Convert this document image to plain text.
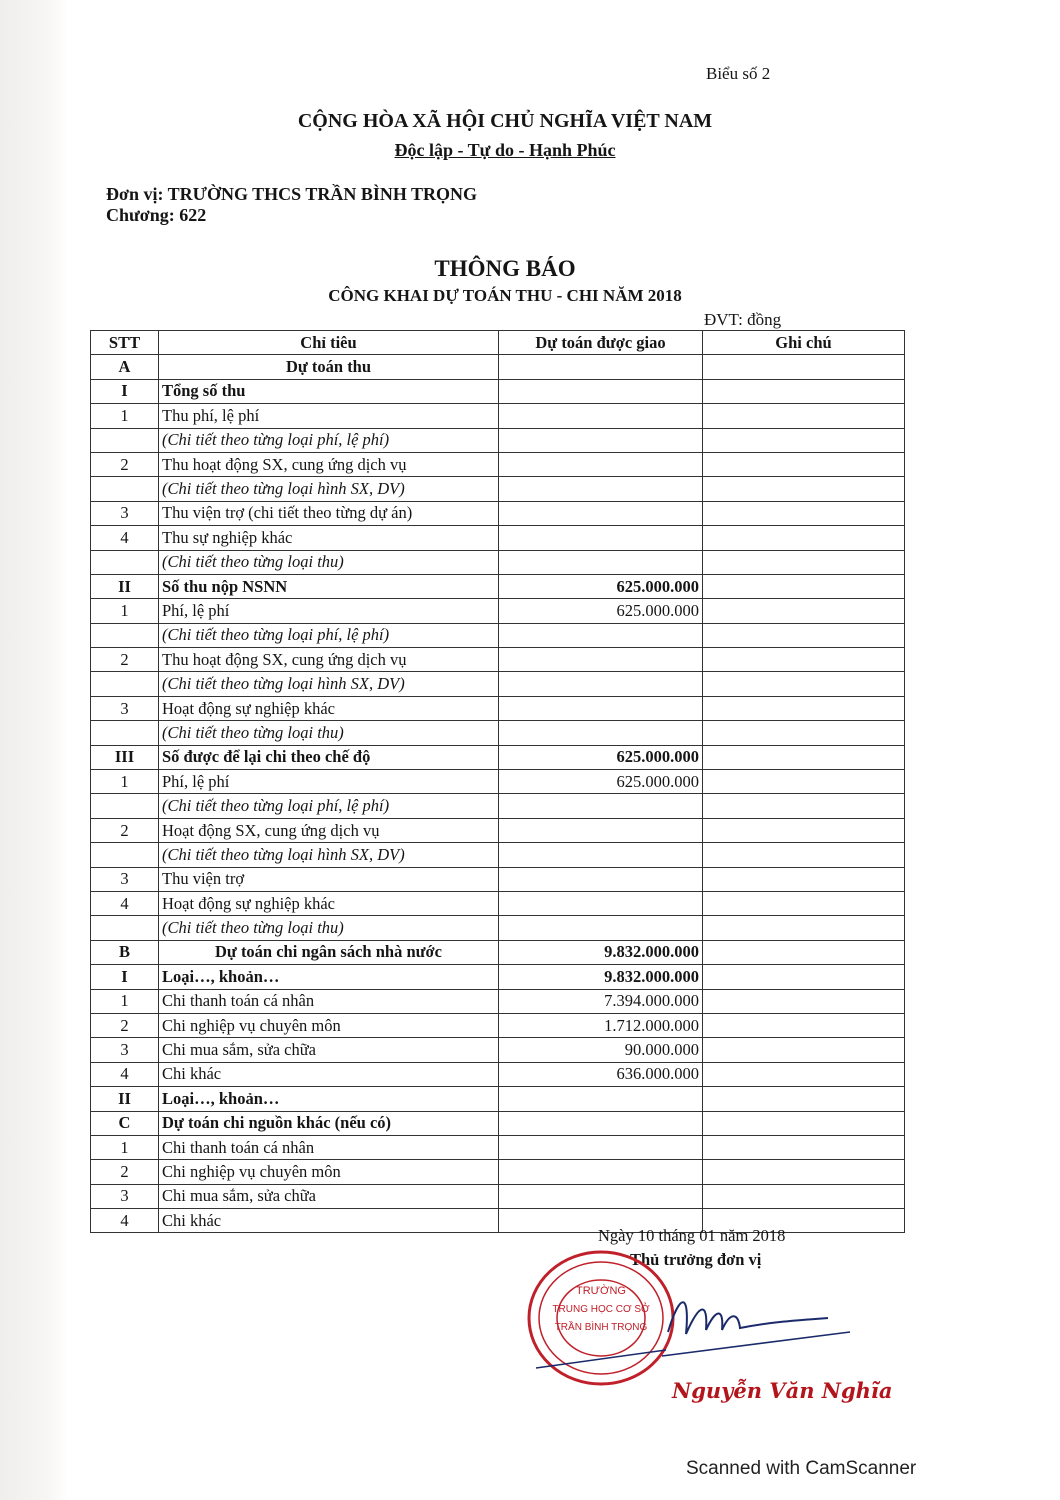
Biểu số 2
CỘNG HÒA XÃ HỘI CHỦ NGHĨA VIỆT NAM
Độc lập - Tự do - Hạnh Phúc
Đơn vị: TRƯỜNG THCS TRẦN BÌNH TRỌNG
Chương: 622
THÔNG BÁO
CÔNG KHAI DỰ TOÁN THU - CHI NĂM 2018
ĐVT: đồng
STT	Chỉ tiêu	Dự toán được giao	Ghi chú
A	Dự toán thu		
I	Tổng số thu		
1	Thu phí, lệ phí		
	(Chi tiết theo từng loại phí, lệ phí)		
2	Thu hoạt động SX, cung ứng dịch vụ		
	(Chi tiết theo từng loại hình SX, DV)		
3	Thu viện trợ (chi tiết theo từng dự án)		
4	Thu sự nghiệp khác		
	(Chi tiết theo từng loại thu)		
II	Số thu nộp NSNN	625.000.000	
1	Phí, lệ phí	625.000.000	
	(Chi tiết theo từng loại phí, lệ phí)		
2	Thu hoạt động SX, cung ứng dịch vụ		
	(Chi tiết theo từng loại hình SX, DV)		
3	Hoạt động sự nghiệp khác		
	(Chi tiết theo từng loại thu)		
III	Số được để lại chi theo chế độ	625.000.000	
1	Phí, lệ phí	625.000.000	
	(Chi tiết theo từng loại phí, lệ phí)		
2	Hoạt động SX, cung ứng dịch vụ		
	(Chi tiết theo từng loại hình SX, DV)		
3	Thu viện trợ		
4	Hoạt động sự nghiệp khác		
	(Chi tiết theo từng loại thu)		
B	Dự toán chi ngân sách nhà nước	9.832.000.000	
I	Loại…, khoản…	9.832.000.000	
1	Chi thanh toán cá nhân	7.394.000.000	
2	Chi nghiệp vụ chuyên môn	1.712.000.000	
3	Chi mua sắm, sửa chữa	90.000.000	
4	Chi khác	636.000.000	
II	Loại…, khoản…		
C	Dự toán chi nguồn khác (nếu có)		
1	Chi thanh toán cá nhân		
2	Chi nghiệp vụ chuyên môn		
3	Chi mua sắm, sửa chữa		
4	Chi khác		
Ngày 10 tháng 01 năm 2018
Thủ trưởng đơn vị
TRƯỜNG
TRUNG HỌC CƠ SỞ
TRẦN BÌNH TRỌNG
Nguyễn Văn Nghĩa
Scanned with CamScanner
